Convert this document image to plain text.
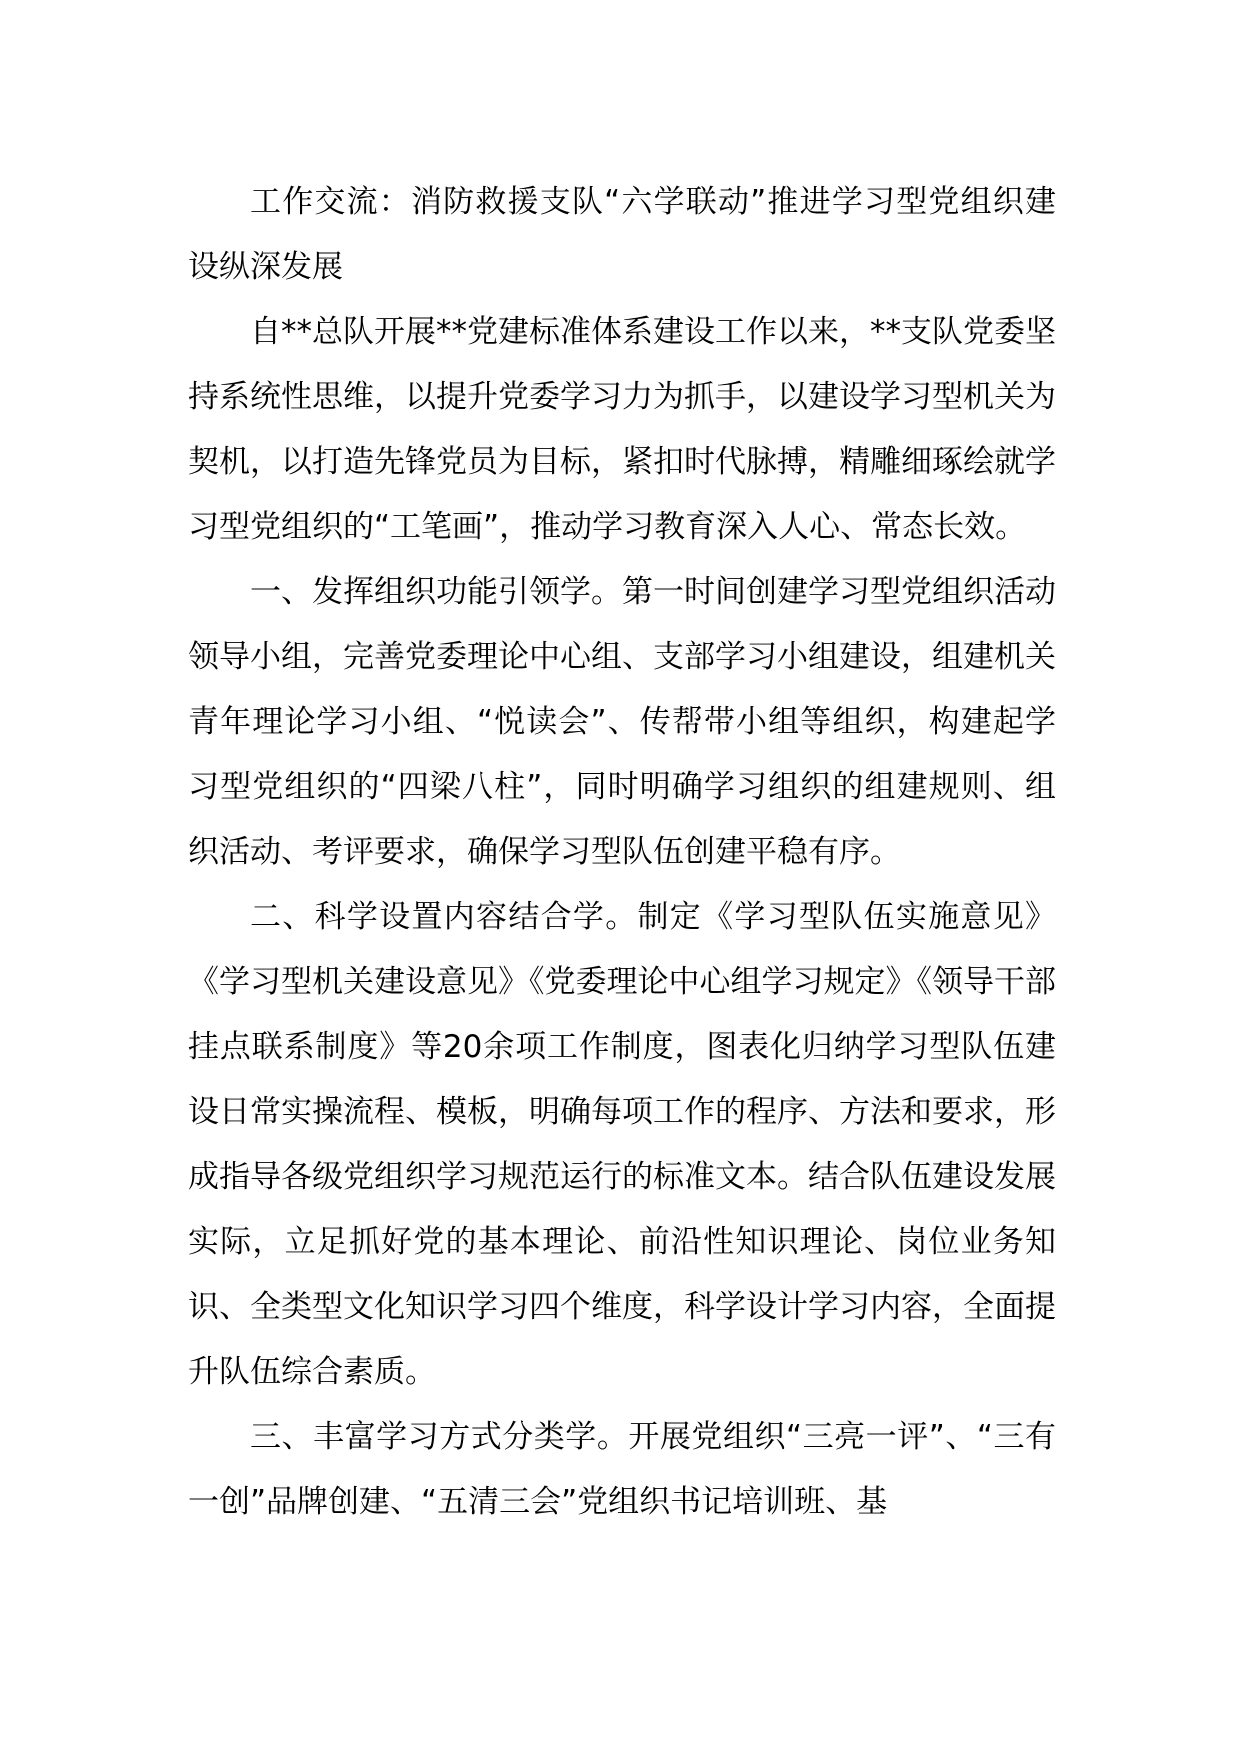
工作交流：消防救援支队“六学联动”推进学习型党组织建设纵深发展

自**总队开展**党建标准体系建设工作以来，**支队党委坚持系统性思维，以提升党委学习力为抓手，以建设学习型机关为契机，以打造先锋党员为目标，紧扣时代脉搏，精雕细琢绘就学习型党组织的“工笔画”，推动学习教育深入人心、常态长效。

一、发挥组织功能引领学。第一时间创建学习型党组织活动领导小组，完善党委理论中心组、支部学习小组建设，组建机关青年理论学习小组、“悦读会”、传帮带小组等组织，构建起学习型党组织的“四梁八柱”，同时明确学习组织的组建规则、组织活动、考评要求，确保学习型队伍创建平稳有序。

二、科学设置内容结合学。制定《学习型队伍实施意见》《学习型机关建设意见》《党委理论中心组学习规定》《领导干部挂点联系制度》等20余项工作制度，图表化归纳学习型队伍建设日常实操流程、模板，明确每项工作的程序、方法和要求，形成指导各级党组织学习规范运行的标准文本。结合队伍建设发展实际，立足抓好党的基本理论、前沿性知识理论、岗位业务知识、全类型文化知识学习四个维度，科学设计学习内容，全面提升队伍综合素质。

三、丰富学习方式分类学。开展党组织“三亮一评”、“三有一创”品牌创建、“五清三会”党组织书记培训班、基
